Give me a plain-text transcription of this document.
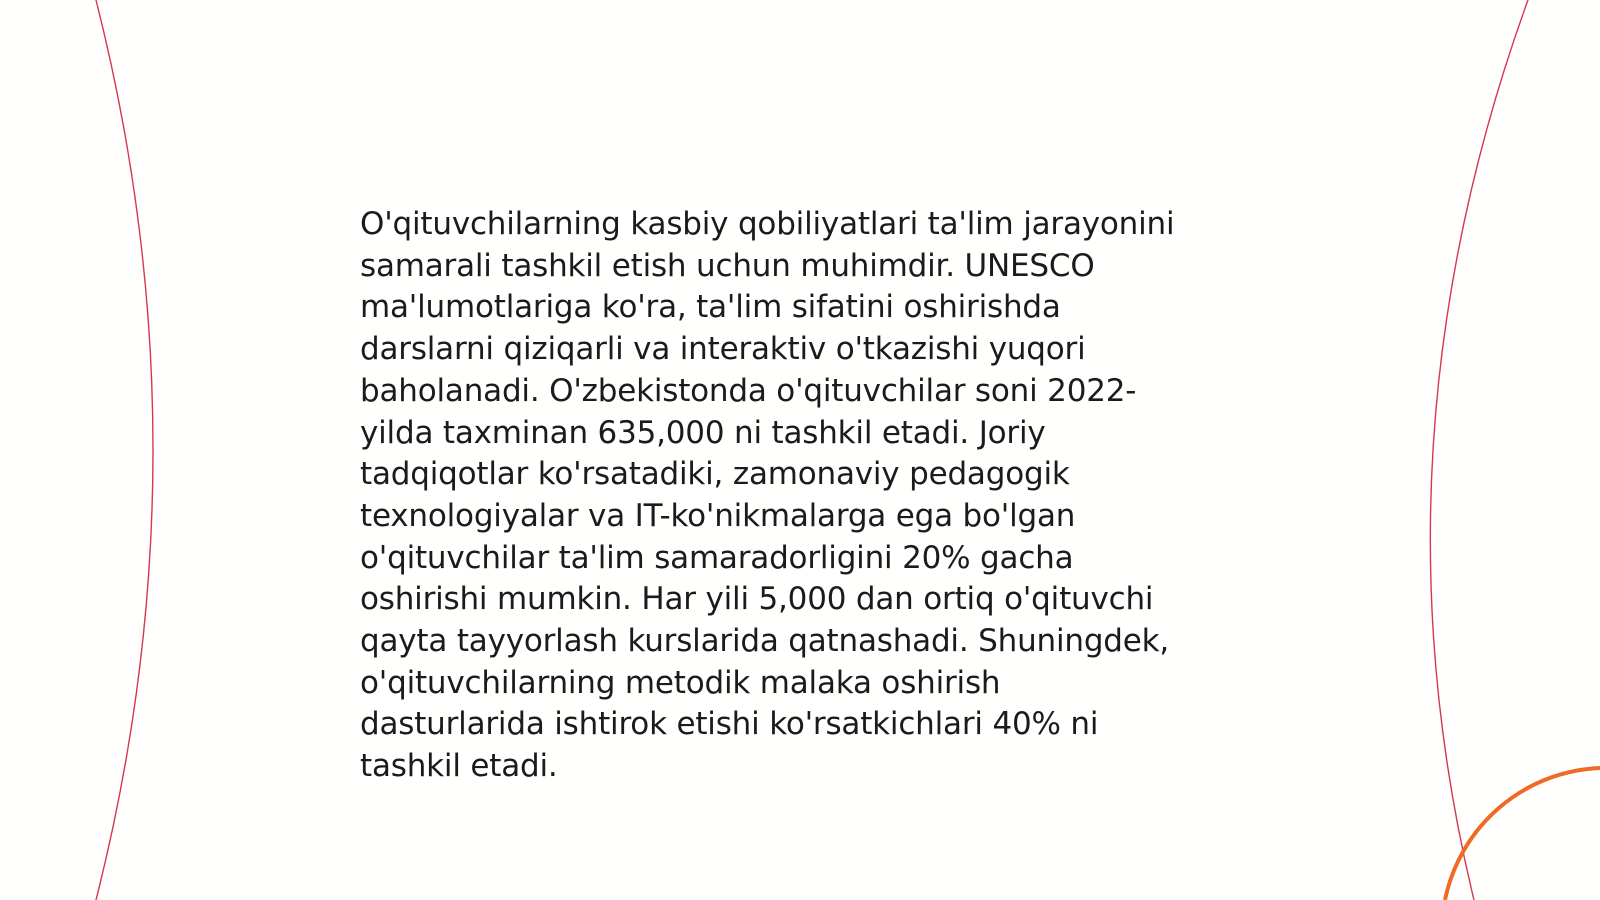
O'qituvchilarning kasbiy qobiliyatlari ta'lim jarayonini
samarali tashkil etish uchun muhimdir. UNESCO
ma'lumotlariga ko'ra, ta'lim sifatini oshirishda
darslarni qiziqarli va interaktiv o'tkazishi yuqori
baholanadi. O'zbekistonda o'qituvchilar soni 2022-
yilda taxminan 635,000 ni tashkil etadi. Joriy
tadqiqotlar ko'rsatadiki, zamonaviy pedagogik
texnologiyalar va IT-ko'nikmalarga ega bo'lgan
o'qituvchilar ta'lim samaradorligini 20% gacha
oshirishi mumkin. Har yili 5,000 dan ortiq o'qituvchi
qayta tayyorlash kurslarida qatnashadi. Shuningdek,
o'qituvchilarning metodik malaka oshirish
dasturlarida ishtirok etishi ko'rsatkichlari 40% ni
tashkil etadi.
